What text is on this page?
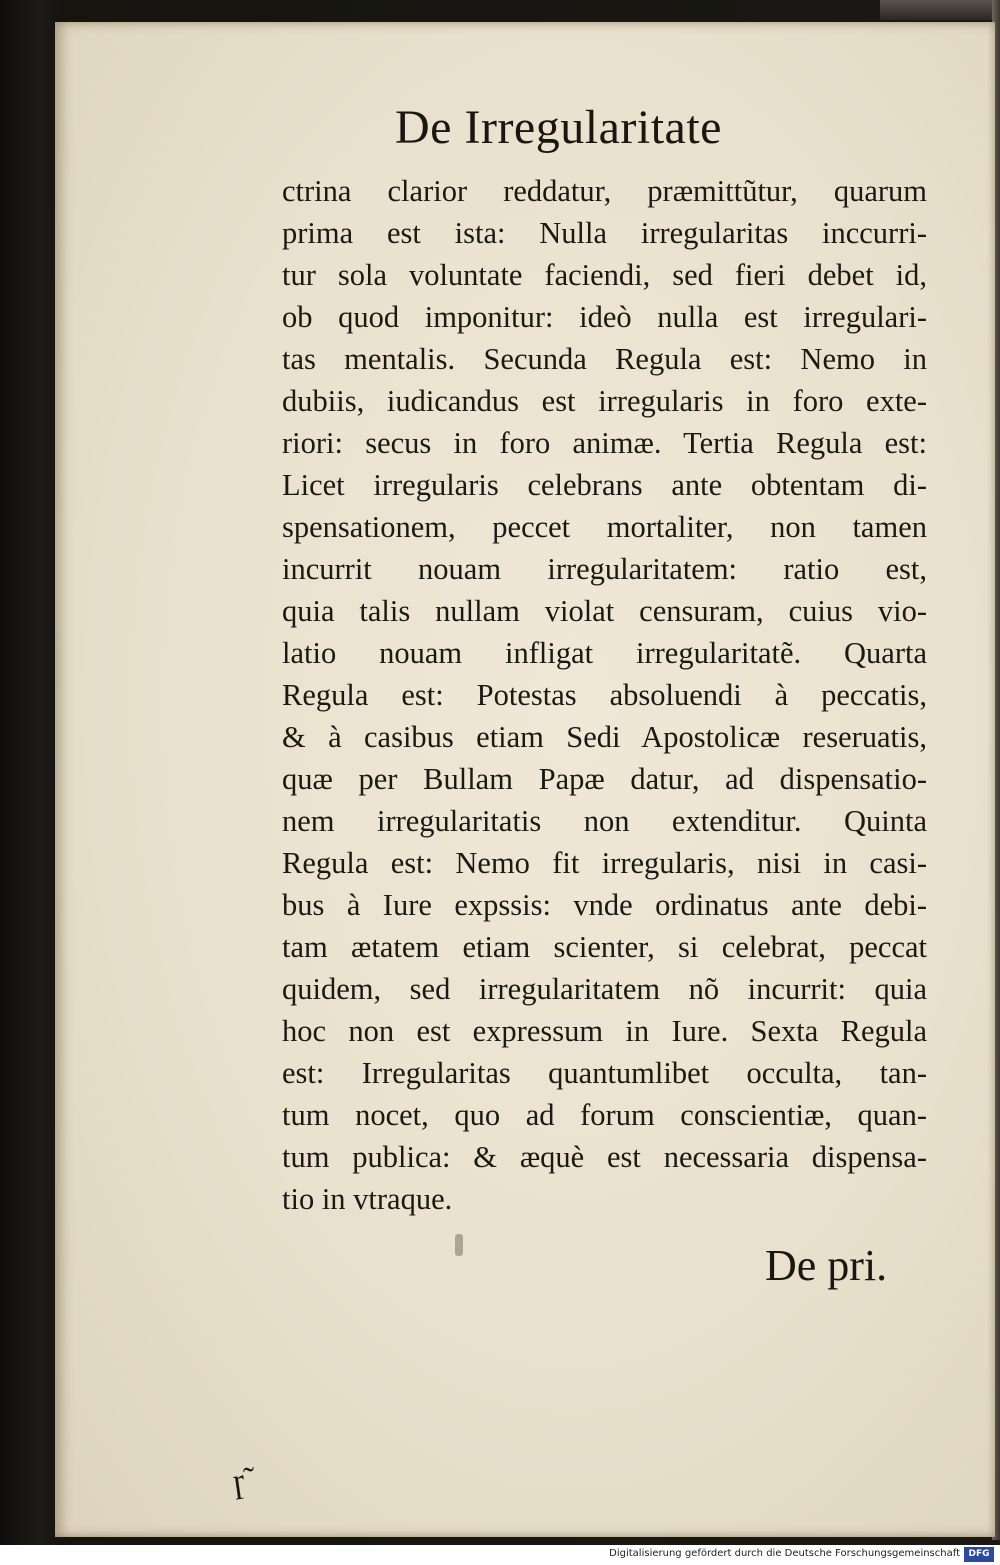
De Irregularitate
ctrina clarior reddatur, præmittũtur, quarum
prima est ista: Nulla irregularitas inccurri-
tur sola voluntate faciendi, sed fieri debet id,
ob quod imponitur: ideò nulla est irregulari-
tas mentalis. Secunda Regula est: Nemo in
dubiis, iudicandus est irregularis in foro exte-
riori: secus in foro animæ. Tertia Regula est:
Licet irregularis celebrans ante obtentam di-
spensationem, peccet mortaliter, non tamen
incurrit nouam irregularitatem: ratio est,
quia talis nullam violat censuram, cuius vio-
latio nouam infligat irregularitatẽ. Quarta
Regula est: Potestas absoluendi à peccatis,
& à casibus etiam Sedi Apostolicæ reseruatis,
quæ per Bullam Papæ datur, ad dispensatio-
nem irregularitatis non extenditur. Quinta
Regula est: Nemo fit irregularis, nisi in casi-
bus à Iure expssis: vnde ordinatus ante debi-
tam ætatem etiam scienter, si celebrat, peccat
quidem, sed irregularitatem nõ incurrit: quia
hoc non est expressum in Iure. Sexta Regula
est: Irregularitas quantumlibet occulta, tan-
tum nocet, quo ad forum conscientiæ, quan-
tum publica: & æquè est necessaria dispensa-
tio in vtraque.
De pri.
ɼ˜
Digitalisierung gefördert durch die Deutsche Forschungsgemeinschaft DFG
